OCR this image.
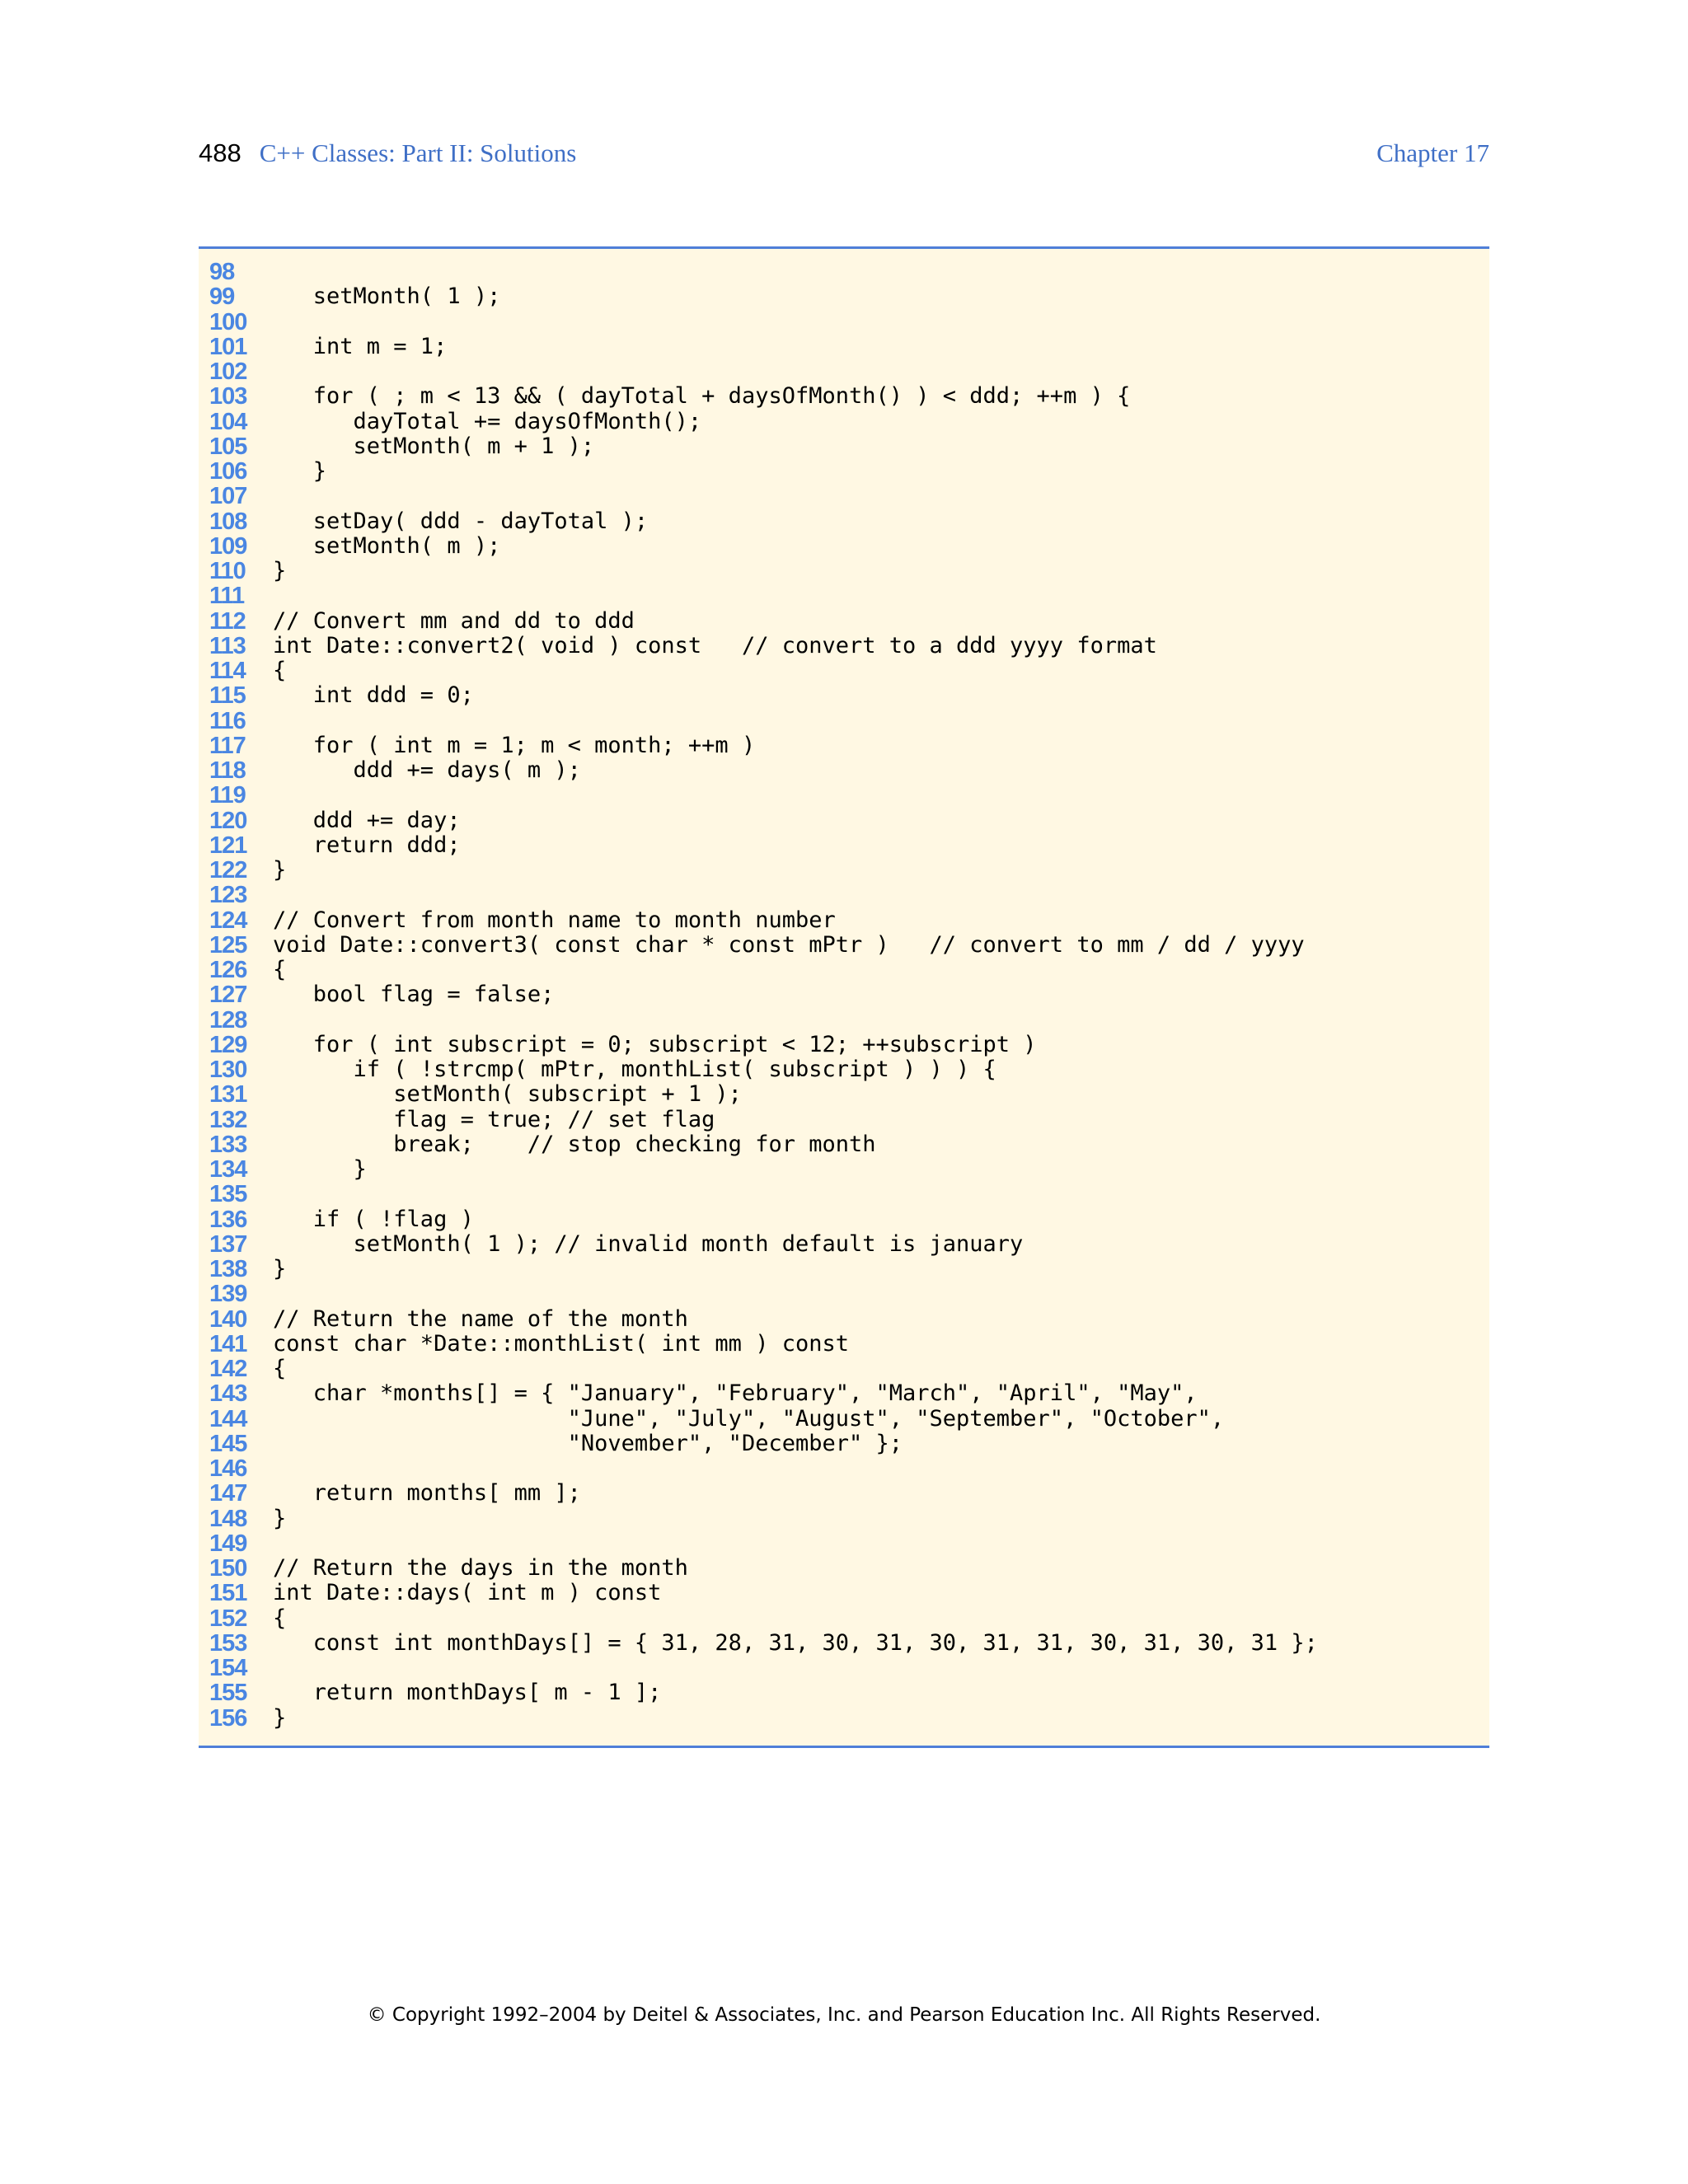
488 C++ Classes: Part II: Solutions	Chapter 17
98
99	setMonth( 1 );
100
101	int m = 1;
102
103	for ( ; m < 13 && ( dayTotal + daysOfMonth() ) < ddd; ++m ) {
104	dayTotal += daysOfMonth();
105	setMonth( m + 1 );
106	}
107
108	setDay( ddd - dayTotal );
109	setMonth( m );
110	}
111
112	// Convert mm and dd to ddd
113	int Date::convert2( void ) const   // convert to a ddd yyyy format
114	{
115	int ddd = 0;
116
117	for ( int m = 1; m < month; ++m )
118	ddd += days( m );
119
120	ddd += day;
121	return ddd;
122	}
123
124	// Convert from month name to month number
125	void Date::convert3( const char * const mPtr )   // convert to mm / dd / yyyy
126	{
127	bool flag = false;
128
129	for ( int subscript = 0; subscript < 12; ++subscript )
130	if ( !strcmp( mPtr, monthList( subscript ) ) ) {
131	setMonth( subscript + 1 );
132	flag = true; // set flag
133	break;    // stop checking for month
134	}
135
136	if ( !flag )
137	setMonth( 1 ); // invalid month default is january
138	}
139
140	// Return the name of the month
141	const char *Date::monthList( int mm ) const
142	{
143	char *months[] = { "January", "February", "March", "April", "May",
144	"June", "July", "August", "September", "October",
145	"November", "December" };
146
147	return months[ mm ];
148	}
149
150	// Return the days in the month
151	int Date::days( int m ) const
152	{
153	const int monthDays[] = { 31, 28, 31, 30, 31, 30, 31, 31, 30, 31, 30, 31 };
154
155	return monthDays[ m - 1 ];
156	}
© Copyright 1992–2004 by Deitel & Associates, Inc. and Pearson Education Inc. All Rights Reserved.
